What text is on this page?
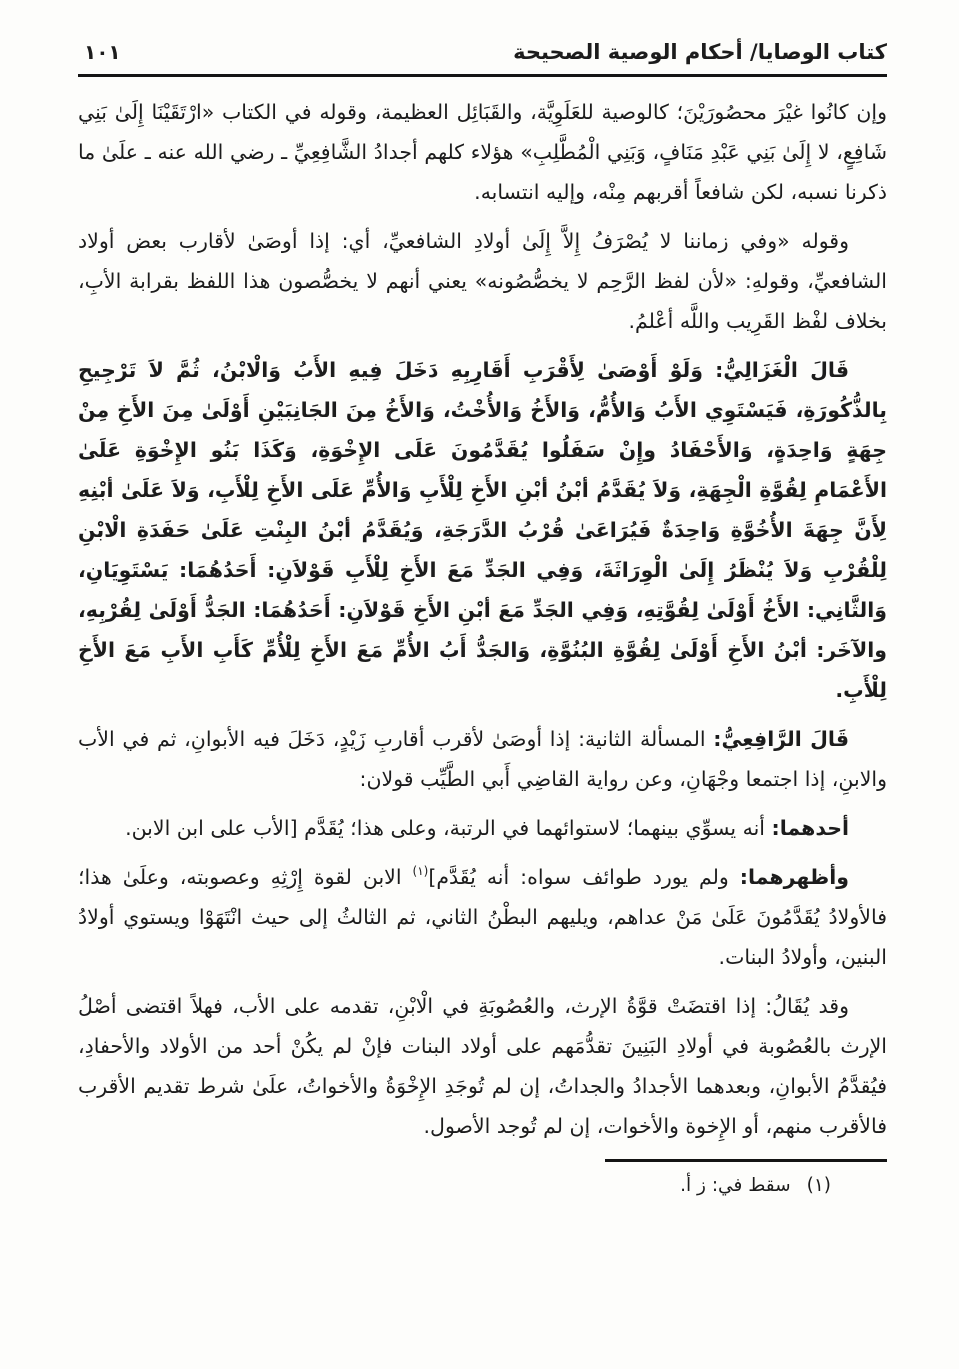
كتاب الوصايا/ أحكام الوصية الصحيحة
١٠١

وإن كانُوا غيْرَ محصُورَيْنَ؛ كالوصية للعَلَوِيَّة، والقَبَائِل العظيمة، وقوله في الكتاب «ارْتَقَيْنَا إِلَىٰ بَنِي شَافِعٍ، لا إِلَىٰ بَنِي عَبْدِ مَنَافٍ، وَبَنِي الْمُطَّلِبِ» هؤلاء كلهم أجدادُ الشَّافِعِيِّ ـ رضي الله عنه ـ علَىٰ ما ذكرنا نسبه، لكن شافعاً أقربهم مِنْه، وإليه انتسابه.

وقوله «وفي زماننا لا يُصْرَفُ إِلاَّ إِلَىٰ أولادِ الشافعيِّ، أي: إذا أوصَىٰ لأقارب بعض أولاد الشافعيِّ، وقولهِ: «لأن لفظ الرَّحِم لا يخصُّصُونه» يعني أنهم لا يخصُّصون هذا اللفظ بقرابة الأبِ، بخلاف لفْظ القَرِيب واللَّه أعْلمُ.

قَالَ الْغَزَالِيُّ: وَلَوْ أَوْصَىٰ لِأَقْرَبِ أَقَارِبِهِ دَخَلَ فِيهِ الأَبُ وَالْابْنُ، ثُمَّ لاَ تَرْجِيحِ بِالذُّكُورَةِ، فَيَسْتَوِي الأَبُ وَالأُمُّ، وَالأَخُ وَالأُخْتُ، وَالأَخُ مِنَ الجَانِبَيْنِ أَوْلَىٰ مِنَ الأَخِ مِنْ جِهَةٍ وَاحِدَةٍ، وَالأَحْفَادُ وإِنْ سَفَلُوا يُقَدَّمُونَ عَلَى الإِخْوَةِ، وَكَذَا بَنُو الإِخْوَةِ عَلَىٰ الأَعْمَامِ لِقُوَّةِ الْجِهَةِ، وَلاَ يُقَدَّمُ أبْنُ أبْنِ الأَخِ لِلْأَبِ وَالأُمِّ عَلَى الأَخِ لِلْأَبِ، وَلاَ عَلَىٰ أبْنِهِ لِأَنَّ جِهَةَ الأُخُوَّةِ وَاحِدَةٌ فَيُرَاعَىٰ قُرْبُ الدَّرَجَةِ، وَيُقَدَّمُ أبْنُ البِنْتِ عَلَىٰ حَفَدَةِ الْابْنِ لِلْقُرْبِ وَلاَ يُنْظَرُ إِلَىٰ الْوِرَاثَةَ، وَفِي الجَدِّ مَعَ الأَخِ لِلْأَبِ قَوْلاَنِ: أَحَدُهُمَا: يَسْتَوِيَانِ، وَالثَّانِي: الأَخُ أَوْلَىٰ لِقُوَّتِهِ، وَفِي الجَدِّ مَعَ أبْنِ الأَخِ قَوْلاَنِ: أَحَدُهُمَا: الجَدُّ أَوْلَىٰ لِقُرْبِهِ، والآخَر: أبْنُ الأَخِ أَوْلَىٰ لِقُوَّةِ البُنُوَّةِ، وَالجَدُّ أَبُ الأُمِّ مَعَ الأَخِ لِلْأُمِّ كَأَبِ الأَبِ مَعَ الأَخِ لِلْأَبِ.

قَالَ الرَّافِعِيُّ: المسألة الثانية: إذا أوصَىٰ لأقرب أقاربِ زَيْدٍ، دَخَلَ فيه الأبوانِ، ثم في الأب والابنِ، إذا اجتمعا وجْهَانِ، وعن رواية القاضِي أَبي الطَّيِّب قولان:

أحدهما: أنه يسوِّي بينهما؛ لاستوائهما في الرتبة، وعلى هذا؛ يُقَدَّم [الأب على ابن الابن.

وأظهرهما: ولم يورد طوائف سواه: أنه يُقَدَّم]$^{(١)}$ الابن لقوة إِرْثِهِ وعصوبته، وعلَىٰ هذا؛ فالأولادُ يُقَدَّمُونَ عَلَىٰ مَنْ عداهم، ويليهم البطْنُ الثاني، ثم الثالثُ إلى حيث انْتَهَوْا ويستوي أولادُ البنين، وأولادُ البنات.

وقد يُقَالُ: إذا اقتضَتْ قوَّةُ الإرث، والعُصُوبَةِ في الْابْنِ، تقدمه على الأب، فهلاً اقتضى أصْلُ الإرث بالعُصُوبة في أولادِ البَنِينَ تقدُّمَهم على أولاد البنات فإنْ لم يكُنْ أحد من الأولاد والأحفادِ، فيُقدَّمُ الأبوانِ، وبعدهما الأجدادُ والجداتُ، إن لم تُوجَدِ الإِخْوَةُ والأخواتُ، علَىٰ شرط تقديم الأقرب فالأقرب منهم، أو الإِخوة والأخوات، إن لم تُوجد الأصول.

(١)سقط في: ز أ.
